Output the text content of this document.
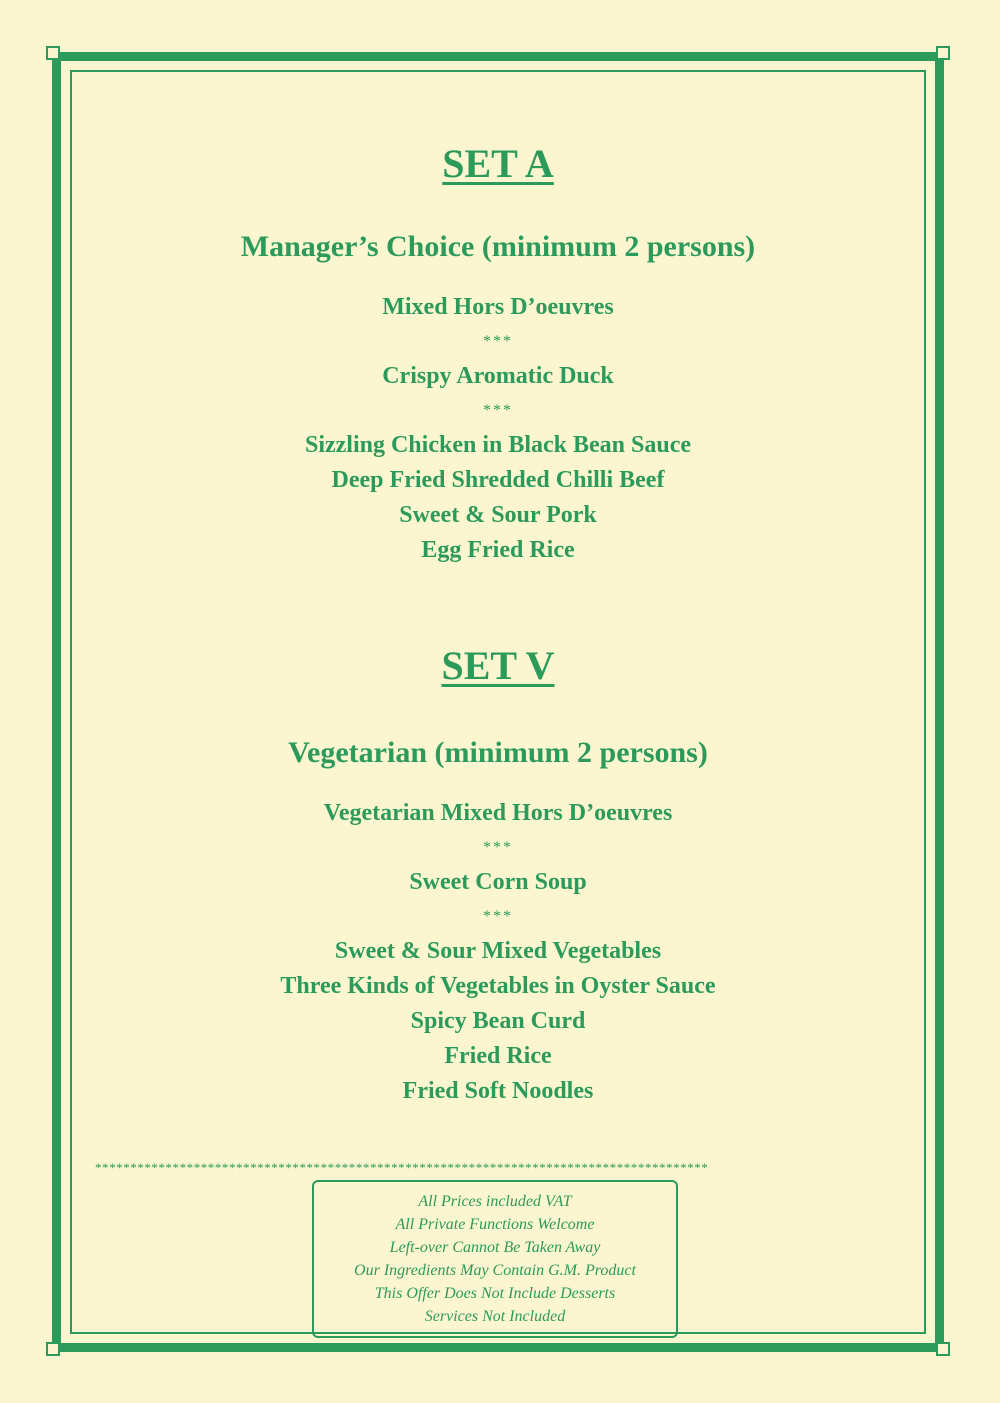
SET A
Manager’s Choice (minimum 2 persons)

Mixed Hors D’oeuvres

***

Crispy Aromatic Duck

***

Sizzling Chicken in Black Bean Sauce

Deep Fried Shredded Chilli Beef

Sweet & Sour Pork

Egg Fried Rice

SET V
Vegetarian (minimum 2 persons)

Vegetarian Mixed Hors D’oeuvres

***

Sweet Corn Soup

***

Sweet & Sour Mixed Vegetables

Three Kinds of Vegetables in Oyster Sauce

Spicy Bean Curd

Fried Rice

Fried Soft Noodles

***************************************************************************************

All Prices included VAT

All Private Functions Welcome

Left-over Cannot Be Taken Away

Our Ingredients May Contain G.M. Product

This Offer Does Not Include Desserts

Services Not Included
